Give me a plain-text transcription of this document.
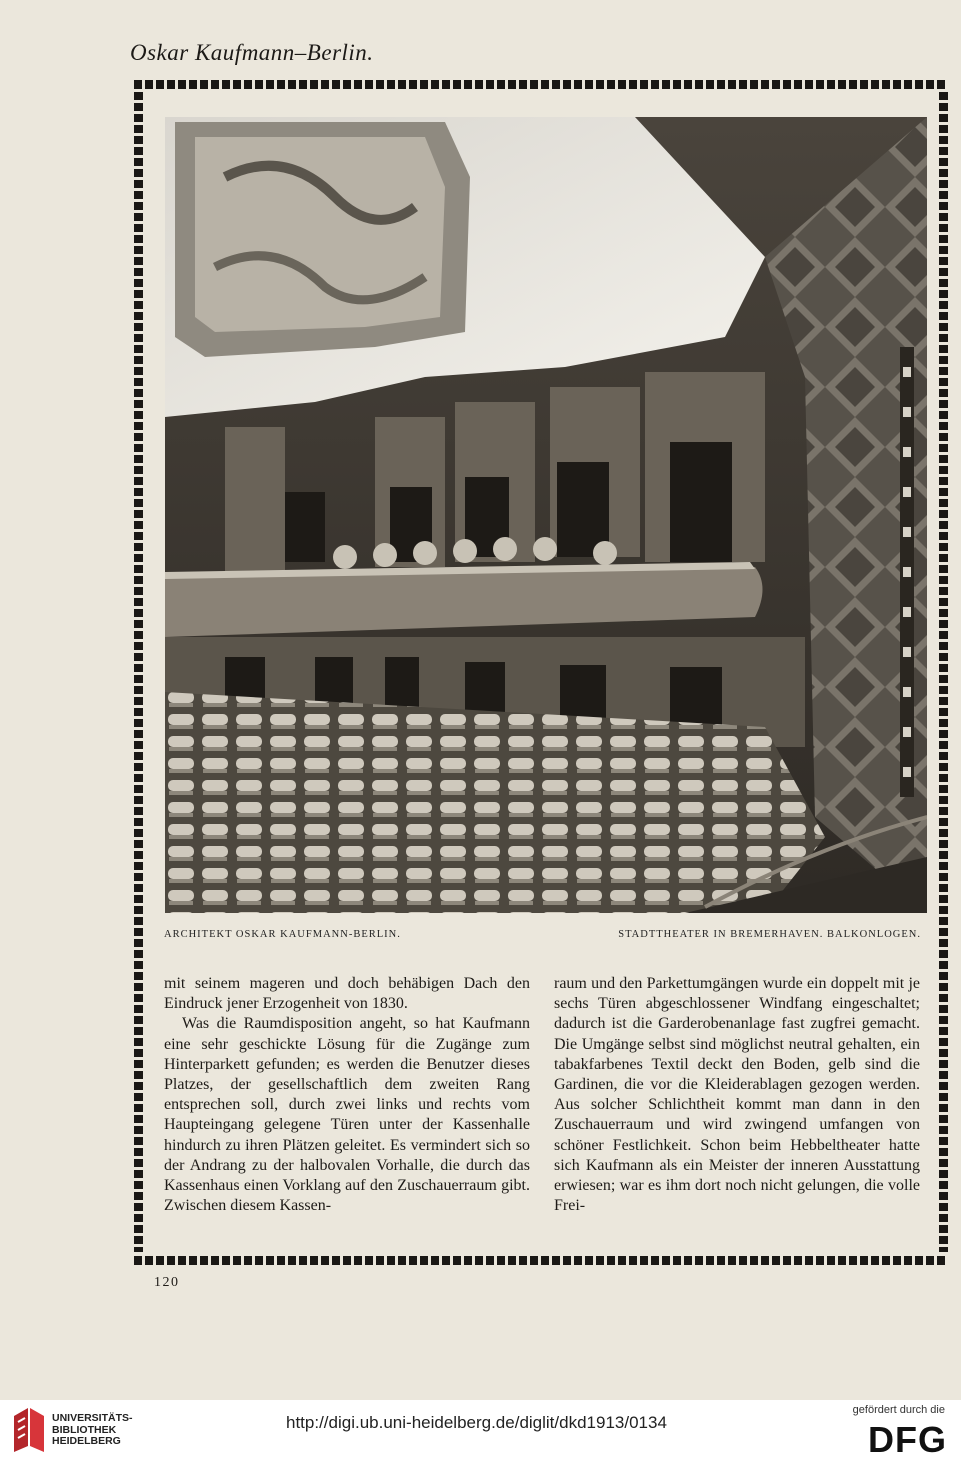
Oskar Kaufmann–Berlin.
ARCHITEKT OSKAR KAUFMANN-BERLIN.	STADTTHEATER IN BREMERHAVEN. BALKONLOGEN.

mit seinem mageren und doch behäbigen Dach den Eindruck jener Erzogenheit von 1830.

Was die Raumdisposition angeht, so hat Kaufmann eine sehr geschickte Lösung für die Zugänge zum Hinterparkett gefunden; es werden die Benutzer dieses Platzes, der gesellschaftlich dem zweiten Rang entsprechen soll, durch zwei links und rechts vom Haupteingang gelegene Türen unter der Kassenhalle hindurch zu ihren Plätzen geleitet. Es vermindert sich so der Andrang zu der halbovalen Vorhalle, die durch das Kassenhaus einen Vorklang auf den Zuschauerraum gibt. Zwischen diesem Kassen-

raum und den Parkettumgängen wurde ein doppelt mit je sechs Türen abgeschlossener Windfang eingeschaltet; dadurch ist die Garderobenanlage fast zugfrei gemacht. Die Umgänge selbst sind möglichst neutral gehalten, ein tabakfarbenes Textil deckt den Boden, gelb sind die Gardinen, die vor die Kleiderablagen gezogen werden. Aus solcher Schlichtheit kommt man dann in den Zuschauerraum und wird zwingend umfangen von schöner Festlichkeit. Schon beim Hebbeltheater hatte sich Kaufmann als ein Meister der inneren Ausstattung erwiesen; war es ihm dort noch nicht gelungen, die volle Frei-

120
UNIVERSITÄTS-
BIBLIOTHEK
HEIDELBERG
http://digi.ub.uni-heidelberg.de/diglit/dkd1913/0134
gefördert durch die
DFG
